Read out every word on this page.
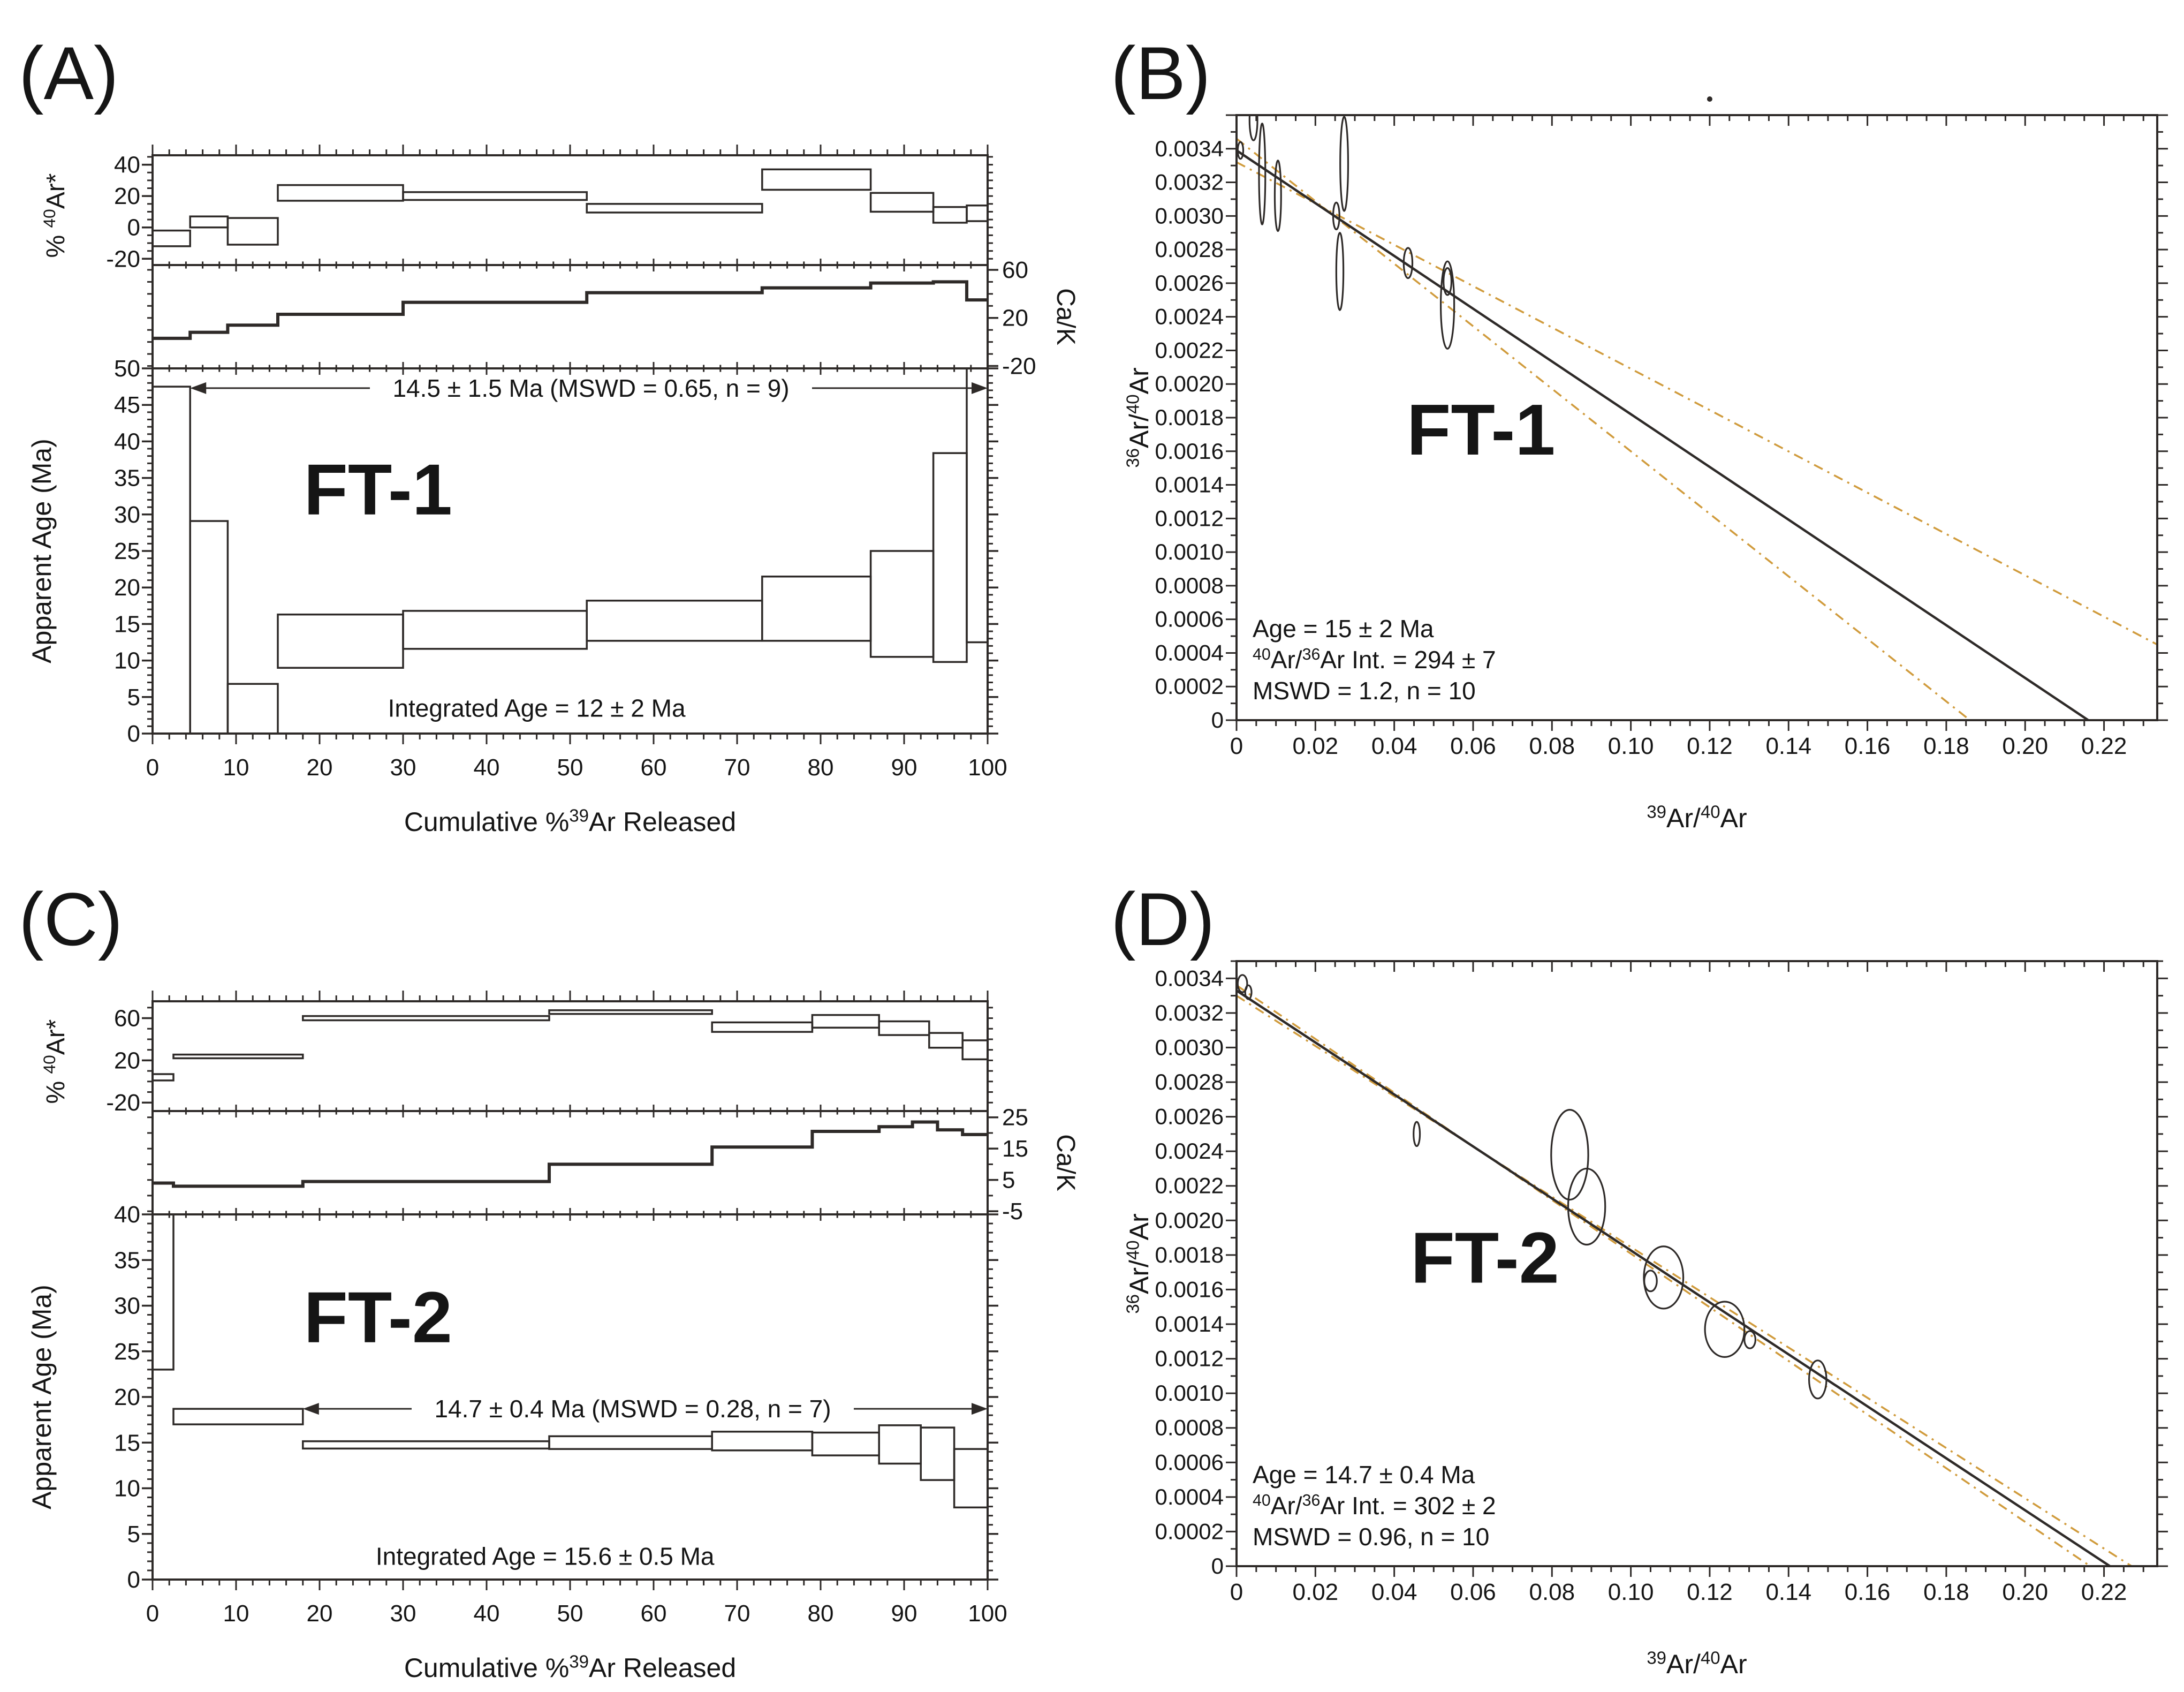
(A)
0	10 20 30 40 50 60 70 80 90 100
40
20
0
-20	60
20
-20
0
5
10
15
20
25
30
35
40
45
50
Apparent Age (Ma)
% $^{40}$Ar*
Ca/K
Cumulative %$^{39}$Ar Released
14.5 ± 1.5 Ma (MSWD = 0.65, n = 9)
Integrated Age = 12 ± 2 Ma
FT-1
(B)
0 0.02 0.04 0.06 0.08 0.10 0.12 0.14 0.16 0.18 0.20 0.22
0
0.0002
0.0004
0.0006
0.0008
0.0010
0.0012
0.0014
0.0016
0.0018
0.0020
0.0022
0.0024
0.0026
0.0028
0.0030
0.0032
0.0034
$^{36}$Ar/$^{40}$Ar
$^{39}$Ar/$^{40}$Ar
Age = 15 ± 2 Ma
$^{40}$Ar/$^{36}$Ar Int. = 294 ± 7
MSWD = 1.2, n = 10
FT-1
(C)
0	10 20 30 40 50 60 70 80 90 100
60
20
-20
25
15
5
-5
0
5
10
15
20
25
30
35
40
Apparent Age (Ma)
% $^{40}$Ar*
Ca/K
Cumulative %$^{39}$Ar Released
14.7 ± 0.4 Ma (MSWD = 0.28, n = 7)
Integrated Age = 15.6 ± 0.5 Ma
FT-2
(D)
0 0.02 0.04 0.06 0.08 0.10 0.12 0.14 0.16 0.18 0.20 0.22
0
0.0002
0.0004
0.0006
0.0008
0.0010
0.0012
0.0014
0.0016
0.0018
0.0020
0.0022
0.0024
0.0026
0.0028
0.0030
0.0032
0.0034
$^{36}$Ar/$^{40}$Ar
$^{39}$Ar/$^{40}$Ar
Age = 14.7 ± 0.4 Ma
$^{40}$Ar/$^{36}$Ar Int. = 302 ± 2
MSWD = 0.96, n = 10
FT-2
